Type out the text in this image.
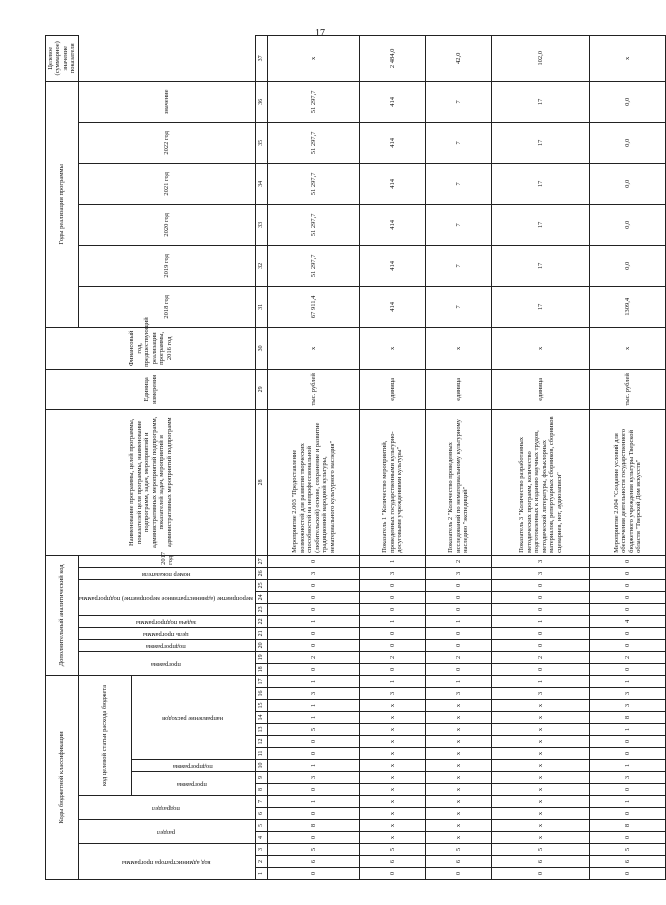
17
Коды бюджетной классификации																	Дополнительный аналитический код										Наименование программы, целей программы, показателей цели программы, наименование подпрограмм, задач, мероприятий и административных мероприятий подпрограмм, показателей задач, мероприятий и административных мероприятий подпрограмм	Единица измерения	Финансовый год, предшествующий реализации программы, 2016 год	Годы реализации программы						Целевое (суммарное) значение показателя
код администратора программы			раздел		подраздел		код целевой статьи расхода бюджета										программа		подпрограмма	цель программы	задача подпрограммы	мероприятие (административное мероприятие) подпрограммы			номер показателя	2017 год				2018 год	2019 год	2020 год	2021 год	2022 год	значение	
							программа		подпрограмма	направление расходов																										
1	2	3	4	5	6	7	8	9	10	11	12	13	14	15	16	17	18	19	20	21	22	23	24	25	26	27	28	29	30	31	32	33	34	35	36	37
0	6	5	0	8	0	1	0	3	1	0	0	5	1	1	3	1	0	2	0	0	1	0	0	0	3	0	Мероприятие 2.003 "Предоставление возможностей для развития творческих способностей на непрофессиональной (любительской) основе, сохранение и развитие традиционной народной культуры, нематериального культурного наследия"	тыс. рублей	х	67 911,4	51 297,7	51 297,7	51 297,7	51 297,7	51 297,7	х
0	6	5	х	х	х	х	х	х	х	х	х	х	х	х	3	1	0	2	0	0	1	0	0	0	3	1	Показатель 1 "Количество мероприятий, проведенных государственными культурно-досуговыми учреждениями культуры"	единица	х	414	414	414	414	414	414	2 484,0
0	6	5	х	х	х	х	х	х	х	х	х	х	х	х	3	1	0	2	0	0	1	0	0	0	3	2	Показатель 2 "Количество проведенных исследований по нематериальному культурному наследию "экспедиций"	единица	х	7	7	7	7	7	7	42,0
0	6	5	х	х	х	х	х	х	х	х	х	х	х	х	3	1	0	2	0	0	1	0	0	0	3	3	Показатель 3 "Количество разработанных методических программ, количество подготовленных к изданию научных трудов, методической литературы, фольклорных материалов, репертуарных сборников, сборников сценариев, нот, аудиозаписи"	единица	х	17	17	17	17	17	17	102,0
0	6	5	0	8	0	1	0	3	1	0	0	1	8	3	3	1	0	2	0	0	4	0	0	0	0	0	Мероприятие 2.004 "Создание условий для обеспечения деятельности государственного бюджетного учреждения культуры Тверской области "Тверской Дом искусств"	тыс. рублей	х	1309,4	0,0	0,0	0,0	0,0	0,0	х
